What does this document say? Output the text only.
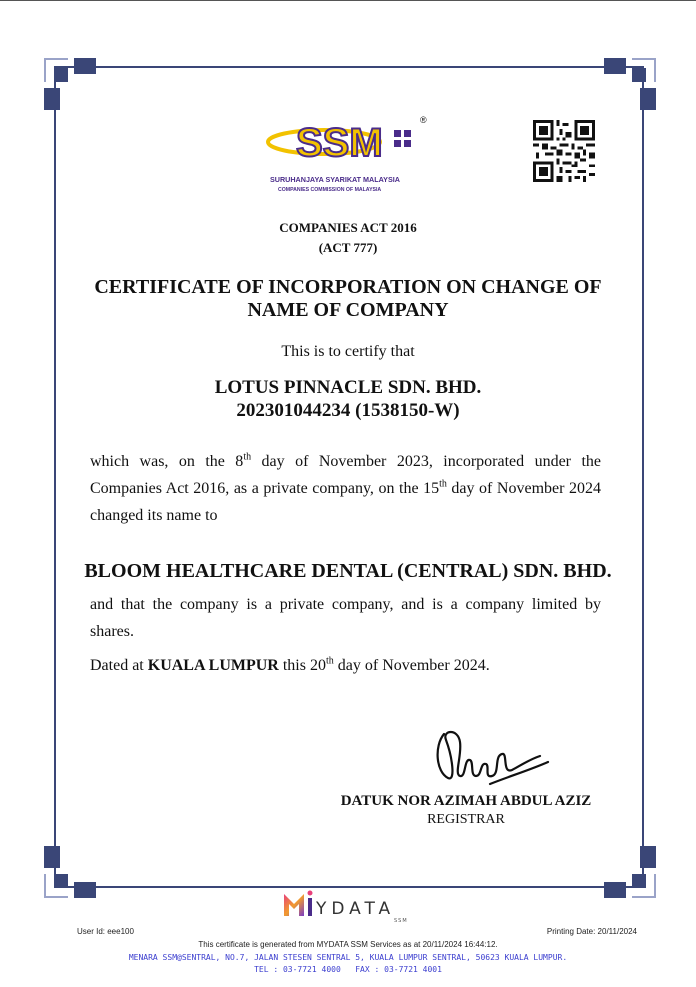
SSM
®
SURUHANJAYA SYARIKAT MALAYSIA
COMPANIES COMMISSION OF MALAYSIA
COMPANIES ACT 2016
(ACT 777)
CERTIFICATE OF INCORPORATION ON CHANGE OF
NAME OF COMPANY
This is to certify that
LOTUS PINNACLE SDN. BHD.
202301044234 (1538150-W)
which was, on the 8th day of November 2023, incorporated under the
Companies Act 2016, as a private company, on the 15th day of November 2024
changed its name to
BLOOM HEALTHCARE DENTAL (CENTRAL) SDN. BHD.
and that the company is a private company, and is a company limited by
shares.
Dated at KUALA LUMPUR this 20th day of November 2024.
DATUK NOR AZIMAH ABDUL AZIZ
REGISTRAR
YDATA
SSM
User Id: eee100	Printing Date: 20/11/2024
This certificate is generated from MYDATA SSM Services as at 20/11/2024 16:44:12.
MENARA SSM@SENTRAL, NO.7, JALAN STESEN SENTRAL 5, KUALA LUMPUR SENTRAL, 50623 KUALA LUMPUR.
TEL : 03-7721 4000   FAX : 03-7721 4001
